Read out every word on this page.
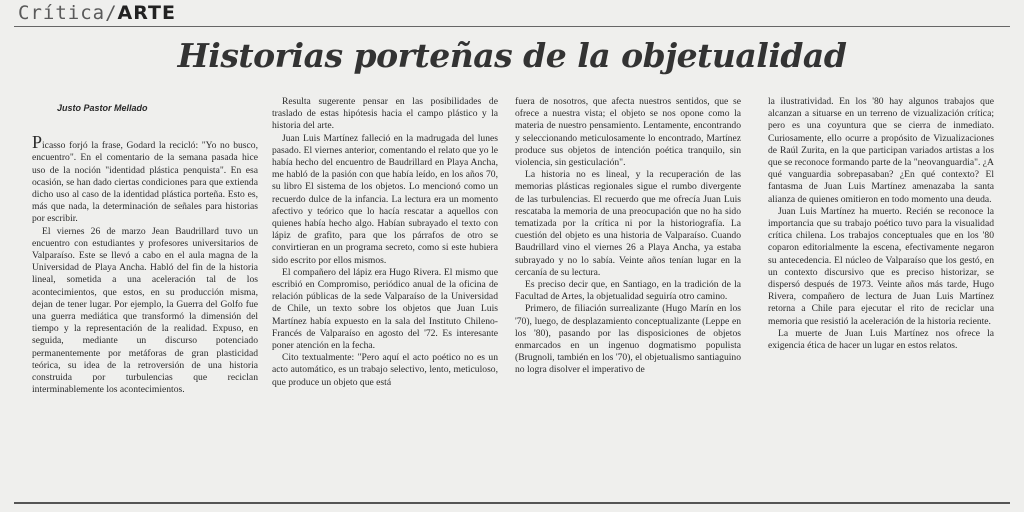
Crítica/ARTE
Historias porteñas de la objetualidad
Justo Pastor Mellado

Picasso forjó la frase, Godard la recicló: "Yo no busco, encuentro". En el comentario de la semana pasada hice uso de la noción "identidad plástica penquista". En esa ocasión, se han dado ciertas condiciones para que extienda dicho uso al caso de la identidad plástica porteña. Esto es, más que nada, la determinación de señales para historias por escribir.

El viernes 26 de marzo Jean Baudrillard tuvo un encuentro con estudiantes y profesores universitarios de Valparaíso. Este se llevó a cabo en el aula magna de la Universidad de Playa Ancha. Habló del fin de la historia lineal, sometida a una aceleración tal de los acontecimientos, que estos, en su producción misma, dejan de tener lugar. Por ejemplo, la Guerra del Golfo fue una guerra mediática que transformó la dimensión del tiempo y la representación de la realidad. Expuso, en seguida, mediante un discurso potenciado permanentemente por metáforas de gran plasticidad teórica, su idea de la retroversión de una historia construida por turbulencias que reciclan interminablemente los acontecimientos.

Resulta sugerente pensar en las posibilidades de traslado de estas hipótesis hacia el campo plástico y la historia del arte.

Juan Luis Martínez falleció en la madrugada del lunes pasado. El viernes anterior, comentando el relato que yo le había hecho del encuentro de Baudrillard en Playa Ancha, me habló de la pasión con que había leído, en los años 70, su libro El sistema de los objetos. Lo mencionó como un recuerdo dulce de la infancia. La lectura era un momento afectivo y teórico que lo hacía rescatar a aquellos con quienes había hecho algo. Habían subrayado el texto con lápiz de grafito, para que los párrafos de otro se convirtieran en un programa secreto, como si este hubiera sido escrito por ellos mismos.

El compañero del lápiz era Hugo Rivera. El mismo que escribió en Compromiso, periódico anual de la oficina de relación públicas de la sede Valparaíso de la Universidad de Chile, un texto sobre los objetos que Juan Luis Martínez había expuesto en la sala del Instituto Chileno-Francés de Valparaíso en agosto del '72. Es interesante poner atención en la fecha.

Cito textualmente: "Pero aquí el acto poético no es un acto automático, es un trabajo selectivo, lento, meticuloso, que produce un objeto que está

fuera de nosotros, que afecta nuestros sentidos, que se ofrece a nuestra vista; el objeto se nos opone como la materia de nuestro pensamiento. Lentamente, encontrando y seleccionando meticulosamente lo encontrado, Martínez produce sus objetos de intención poética tranquilo, sin violencia, sin gesticulación".

La historia no es lineal, y la recuperación de las memorias plásticas regionales sigue el rumbo divergente de las turbulencias. El recuerdo que me ofrecía Juan Luis rescataba la memoria de una preocupación que no ha sido tematizada por la crítica ni por la historiografía. La cuestión del objeto es una historia de Valparaíso. Cuando Baudrillard vino el viernes 26 a Playa Ancha, ya estaba subrayado y no lo sabía. Veinte años tenían lugar en la cercanía de su lectura.

Es preciso decir que, en Santiago, en la tradición de la Facultad de Artes, la objetualidad seguiría otro camino.

Primero, de filiación surrealizante (Hugo Marín en los '70), luego, de desplazamiento conceptualizante (Leppe en los '80), pasando por las disposiciones de objetos enmarcados en un ingenuo dogmatismo populista (Brugnoli, también en los '70), el objetualismo santiaguino no logra disolver el imperativo de

la ilustratividad. En los '80 hay algunos trabajos que alcanzan a situarse en un terreno de vizualización crítica; pero es una coyuntura que se cierra de inmediato. Curiosamente, ello ocurre a propósito de Vizualizaciones de Raúl Zurita, en la que participan variados artistas a los que se reconoce formando parte de la "neovanguardia". ¿A qué vanguardia sobrepasaban? ¿En qué contexto? El fantasma de Juan Luis Martínez amenazaba la santa alianza de quienes omitieron en todo momento una deuda.

Juan Luis Martínez ha muerto. Recién se reconoce la importancia que su trabajo poético tuvo para la visualidad crítica chilena. Los trabajos conceptuales que en los '80 coparon editorialmente la escena, efectivamente negaron su antecedencia. El núcleo de Valparaíso que los gestó, en un contexto discursivo que es preciso historizar, se dispersó después de 1973. Veinte años más tarde, Hugo Rivera, compañero de lectura de Juan Luis Martínez retorna a Chile para ejecutar el rito de reciclar una memoria que resistió la aceleración de la historia reciente.

La muerte de Juan Luis Martínez nos ofrece la exigencia ética de hacer un lugar en estos relatos.
